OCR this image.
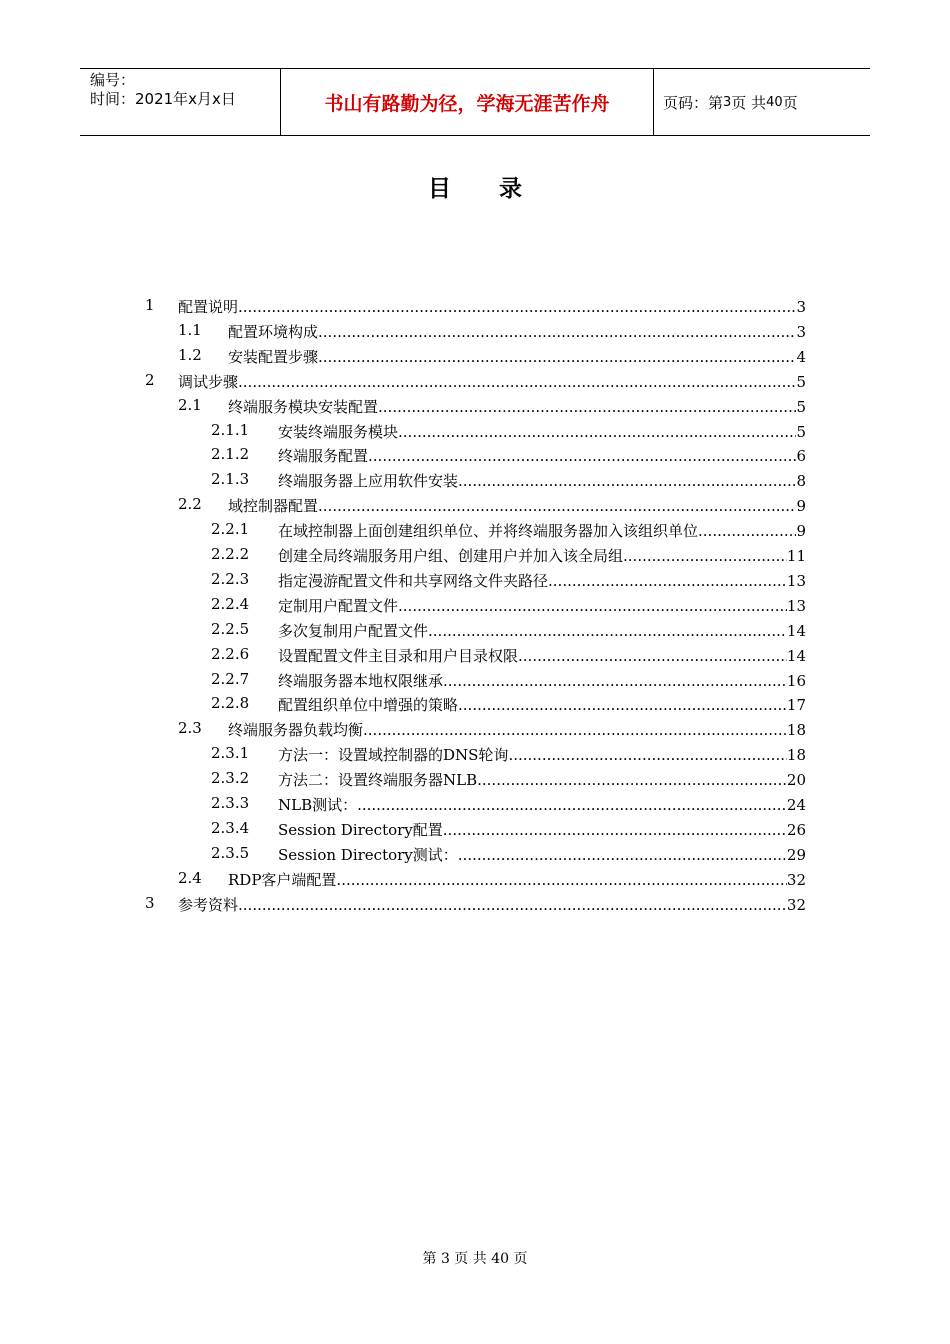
编号：
时间：2021年x月x日	书山有路勤为径，学海无涯苦作舟	页码：第 3 页 共 40 页
目录
1 配置说明 .....	3
1.1 配置环境构成 .....	3
1.2 安装配置步骤 .....	4
2 调试步骤 .....	5
2.1 终端服务模块安装配置 .....	5
2.1.1 安装终端服务模块 .....	5
2.1.2 终端服务配置 .....	6
2.1.3 终端服务器上应用软件安装 .....	8
2.2 域控制器配置 .....	9
2.2.1 在域控制器上面创建组织单位、并将终端服务器加入该组织单位 .....	9
2.2.2 创建全局终端服务用户组、创建用户并加入该全局组 .....	11
2.2.3 指定漫游配置文件和共享网络文件夹路径 .....	13
2.2.4 定制用户配置文件 .....	13
2.2.5 多次复制用户配置文件 .....	14
2.2.6 设置配置文件主目录和用户目录权限 .....	14
2.2.7 终端服务器本地权限继承 .....	16
2.2.8 配置组织单位中增强的策略 .....	17
2.3 终端服务器负载均衡 .....	18
2.3.1 方法一：设置域控制器的DNS轮询 .....	18
2.3.2 方法二：设置终端服务器NLB .....	20
2.3.3 NLB测试： .....	24
2.3.4 Session Directory配置 .....	26
2.3.5 Session Directory测试： .....	29
2.4 RDP客户端配置 .....	32
3 参考资料 .....	32
第 3 页 共 40 页
